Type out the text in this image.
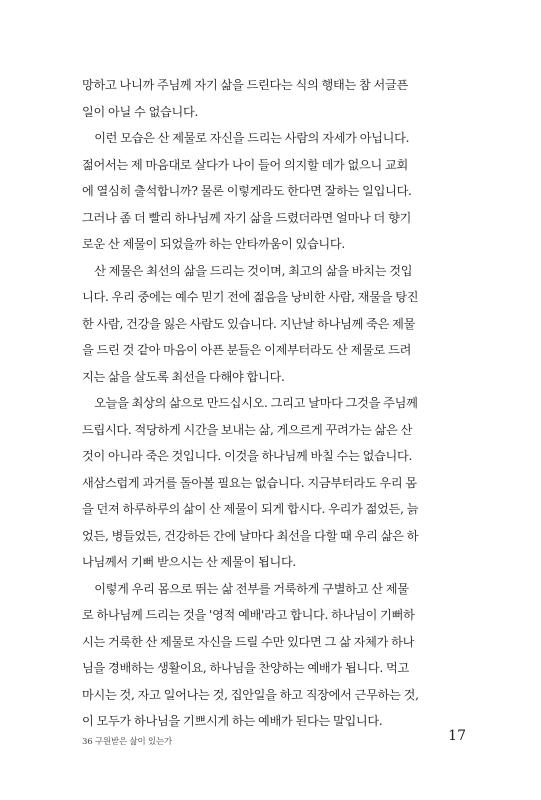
망하고 나니까 주님께 자기 삶을 드린다는 식의 행태는 참 서글픈
일이 아닐 수 없습니다.
이런 모습은 산 제물로 자신을 드리는 사람의 자세가 아닙니다.
젊어서는 제 마음대로 살다가 나이 들어 의지할 데가 없으니 교회
에 열심히 출석합니까? 물론 이렇게라도 한다면 잘하는 일입니다.
그러나 좀 더 빨리 하나님께 자기 삶을 드렸더라면 얼마나 더 향기
로운 산 제물이 되었을까 하는 안타까움이 있습니다.
산 제물은 최선의 삶을 드리는 것이며, 최고의 삶을 바치는 것입
니다. 우리 중에는 예수 믿기 전에 젊음을 낭비한 사람, 재물을 탕진
한 사람, 건강을 잃은 사람도 있습니다. 지난날 하나님께 죽은 제물
을 드린 것 같아 마음이 아픈 분들은 이제부터라도 산 제물로 드려
지는 삶을 살도록 최선을 다해야 합니다.
오늘을 최상의 삶으로 만드십시오. 그리고 날마다 그것을 주님께
드립시다. 적당하게 시간을 보내는 삶, 게으르게 꾸려가는 삶은 산
것이 아니라 죽은 것입니다. 이것을 하나님께 바칠 수는 없습니다.
새삼스럽게 과거를 돌아볼 필요는 없습니다. 지금부터라도 우리 몸
을 던져 하루하루의 삶이 산 제물이 되게 합시다. 우리가 젊었든, 늙
었든, 병들었든, 건강하든 간에 날마다 최선을 다할 때 우리 삶은 하
나님께서 기뻐 받으시는 산 제물이 됩니다.
이렇게 우리 몸으로 뛰는 삶 전부를 거룩하게 구별하고 산 제물
로 하나님께 드리는 것을 '영적 예배'라고 합니다. 하나님이 기뻐하
시는 거룩한 산 제물로 자신을 드릴 수만 있다면 그 삶 자체가 하나
님을 경배하는 생활이요, 하나님을 찬양하는 예배가 됩니다. 먹고
마시는 것, 자고 일어나는 것, 집안일을 하고 직장에서 근무하는 것,
이 모두가 하나님을 기쁘시게 하는 예배가 된다는 말입니다.
36 구원받은 삶이 있는가	17
